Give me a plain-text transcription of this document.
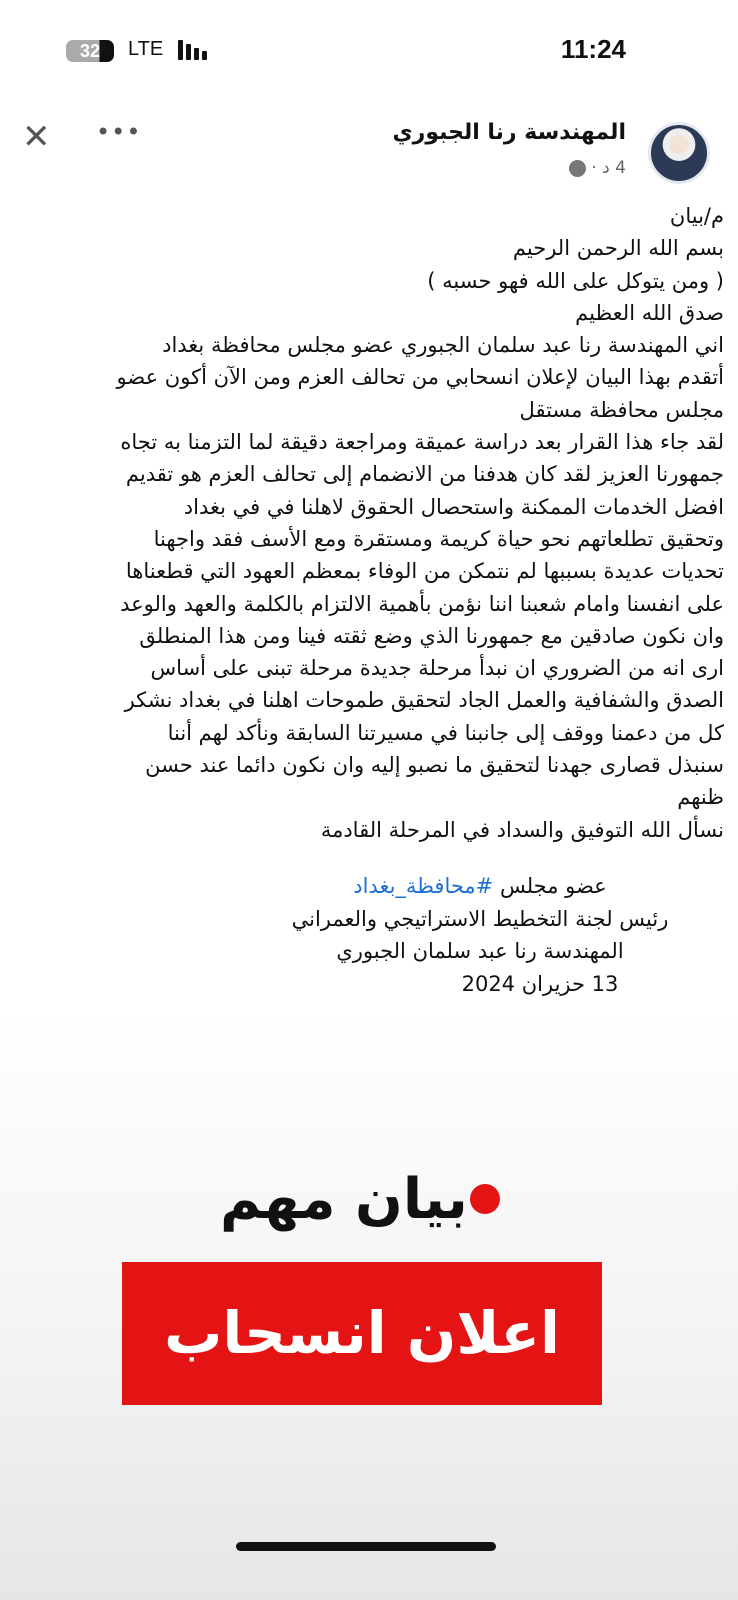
32	LTE	11:24
✕ •••	المهندسة رنا الجبوري
4 د ·
م/بيان
بسم الله الرحمن الرحيم
( ومن يتوكل على الله فهو حسبه )
صدق الله العظيم
اني المهندسة رنا عبد سلمان الجبوري عضو مجلس محافظة بغداد
أتقدم بهذا البيان لإعلان انسحابي من تحالف العزم ومن الآن أكون عضو
مجلس محافظة مستقل
لقد جاء هذا القرار بعد دراسة عميقة ومراجعة دقيقة لما التزمنا به تجاه
جمهورنا العزيز لقد كان هدفنا من الانضمام إلى تحالف العزم هو تقديم
افضل الخدمات الممكنة واستحصال الحقوق لاهلنا في في بغداد
وتحقيق تطلعاتهم نحو حياة كريمة ومستقرة ومع الأسف فقد واجهنا
تحديات عديدة بسببها لم نتمكن من الوفاء بمعظم العهود التي قطعناها
على انفسنا وامام شعبنا اننا نؤمن بأهمية الالتزام بالكلمة والعهد والوعد
وان نكون صادقين مع جمهورنا الذي وضع ثقته فينا ومن هذا المنطلق
ارى انه من الضروري ان نبدأ مرحلة جديدة مرحلة تبنى على أساس
الصدق والشفافية والعمل الجاد لتحقيق طموحات اهلنا في بغداد نشكر
كل من دعمنا ووقف إلى جانبنا في مسيرتنا السابقة ونأكد لهم أننا
سنبذل قصارى جهدنا لتحقيق ما نصبو إليه وان نكون دائما عند حسن
ظنهم
نسأل الله التوفيق والسداد في المرحلة القادمة
عضو مجلس #محافظة_بغداد
رئيس لجنة التخطيط الاستراتيجي والعمراني
المهندسة رنا عبد سلمان الجبوري
13 حزيران 2024
بيان مهم
اعلان انسحاب
